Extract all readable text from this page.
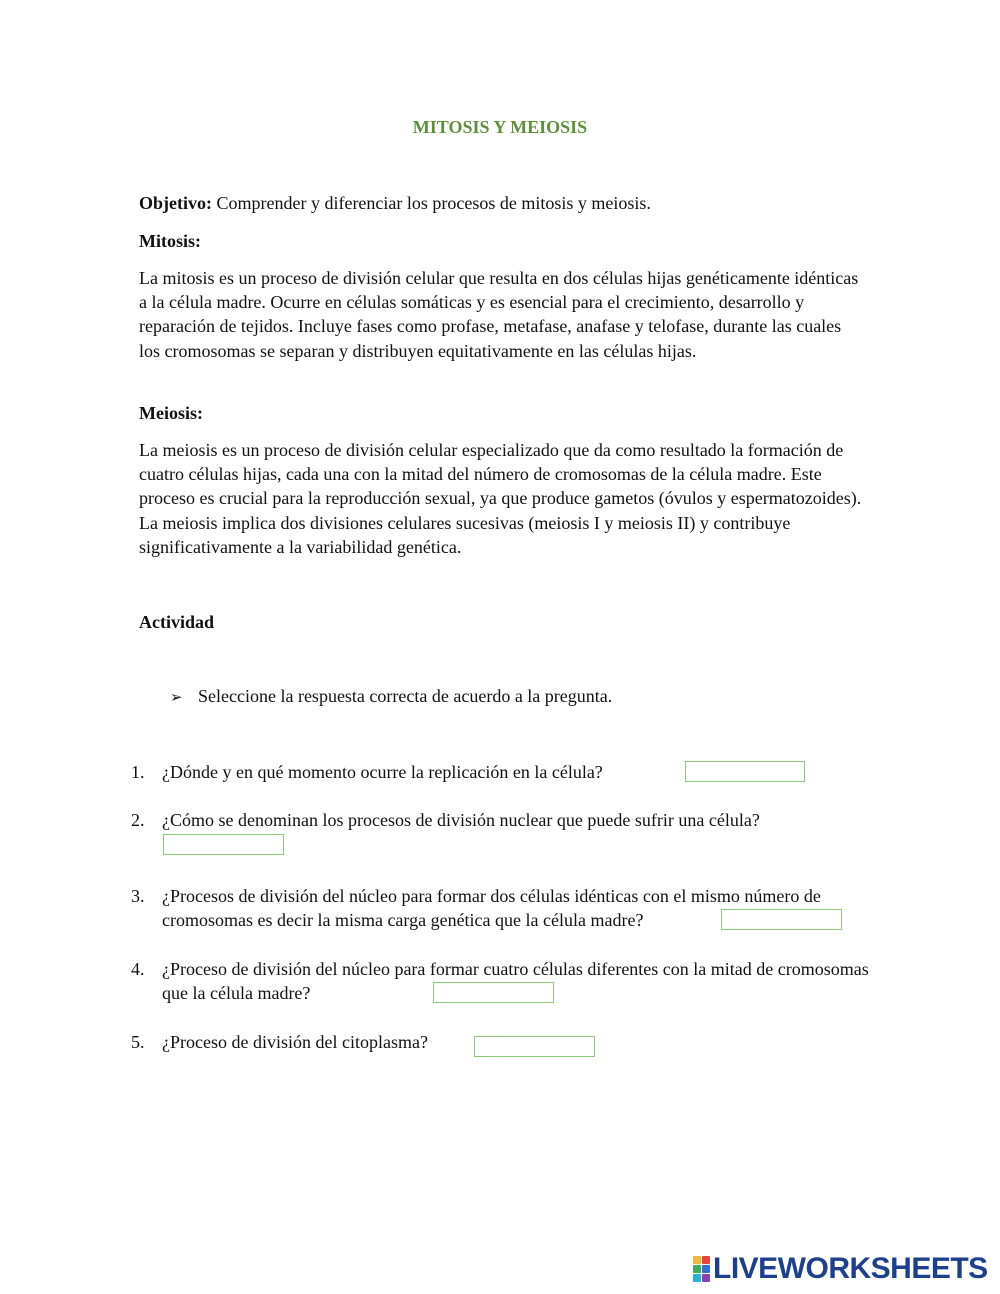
MITOSIS Y MEIOSIS
Objetivo: Comprender y diferenciar los procesos de mitosis y meiosis.
Mitosis:
La mitosis es un proceso de división celular que resulta en dos células hijas genéticamente idénticas a la célula madre. Ocurre en células somáticas y es esencial para el crecimiento, desarrollo y reparación de tejidos. Incluye fases como profase, metafase, anafase y telofase, durante las cuales los cromosomas se separan y distribuyen equitativamente en las células hijas.
Meiosis:
La meiosis es un proceso de división celular especializado que da como resultado la formación de cuatro células hijas, cada una con la mitad del número de cromosomas de la célula madre. Este proceso es crucial para la reproducción sexual, ya que produce gametos (óvulos y espermatozoides). La meiosis implica dos divisiones celulares sucesivas (meiosis I y meiosis II) y contribuye significativamente a la variabilidad genética.
Actividad
➢ Seleccione la respuesta correcta de acuerdo a la pregunta.
1. ¿Dónde y en qué momento ocurre la replicación en la célula?
2. ¿Cómo se denominan los procesos de división nuclear que puede sufrir una célula?
3. ¿Procesos de división del núcleo para formar dos células idénticas con el mismo número de cromosomas es decir la misma carga genética que la célula madre?
4. ¿Proceso de división del núcleo para formar cuatro células diferentes con la mitad de cromosomas que la célula madre?
5. ¿Proceso de división del citoplasma?
LIVEWORKSHEETS
